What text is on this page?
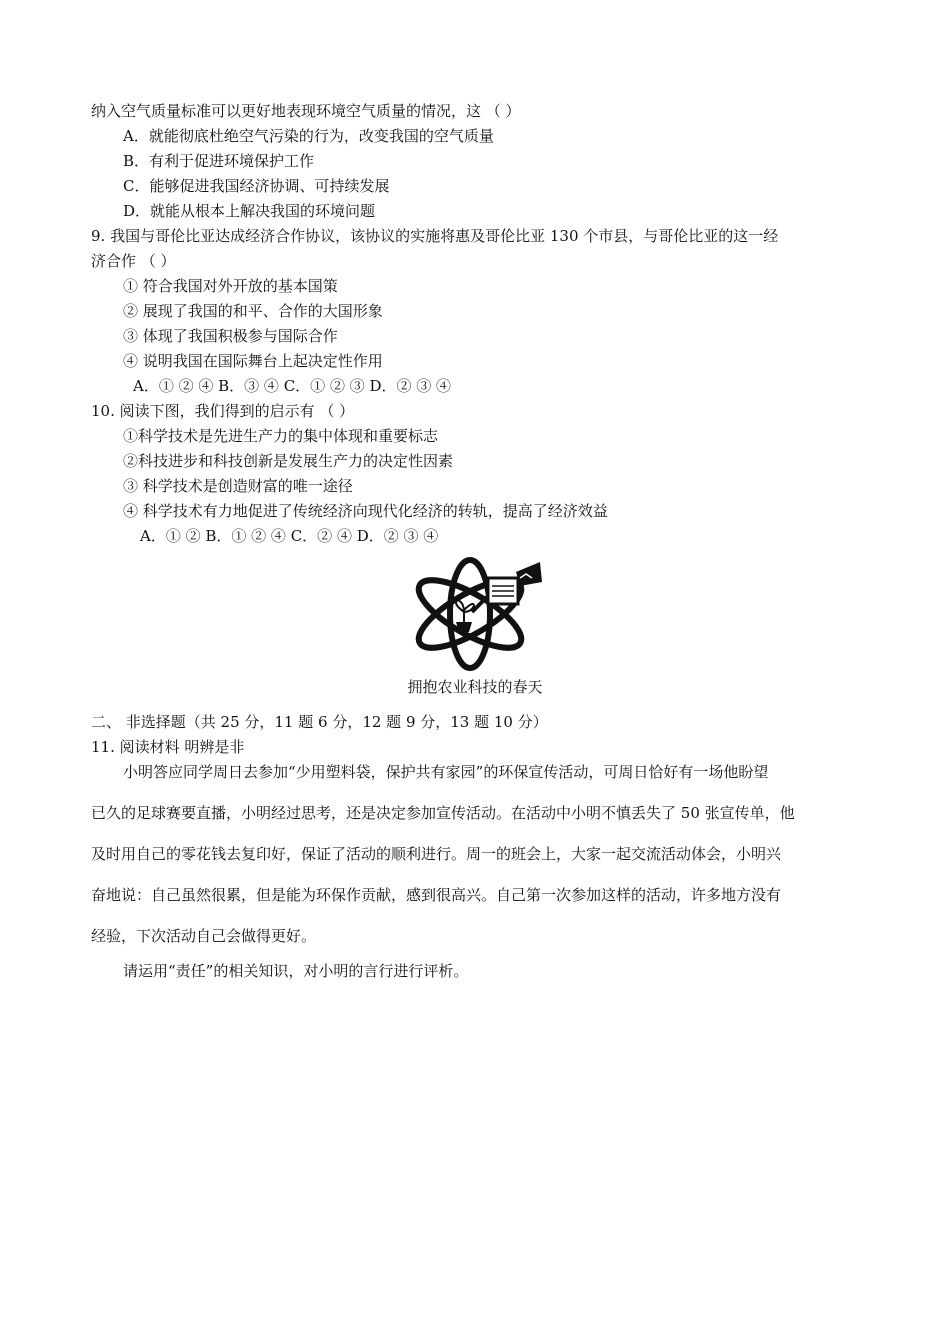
纳入空气质量标准可以更好地表现环境空气质量的情况，这 （ ）
A．就能彻底杜绝空气污染的行为，改变我国的空气质量
B．有利于促进环境保护工作
C．能够促进我国经济协调、可持续发展
D．就能从根本上解决我国的环境问题
9. 我国与哥伦比亚达成经济合作协议，该协议的实施将惠及哥伦比亚 130 个市县，与哥伦比亚的这一经
济合作 （ ）
① 符合我国对外开放的基本国策
② 展现了我国的和平、合作的大国形象
③ 体现了我国积极参与国际合作
④ 说明我国在国际舞台上起决定性作用
A．① ② ④ B．③ ④ C．① ② ③ D．② ③ ④
10. 阅读下图，我们得到的启示有 （ ）
①科学技术是先进生产力的集中体现和重要标志
②科技进步和科技创新是发展生产力的决定性因素
③ 科学技术是创造财富的唯一途径
④ 科学技术有力地促进了传统经济向现代化经济的转轨，提高了经济效益
A．① ② B．① ② ④ C．② ④ D．② ③ ④
拥抱农业科技的春天
二、 非选择题（共 25 分，11 题 6 分，12 题 9 分，13 题 10 分）
11. 阅读材料 明辨是非
小明答应同学周日去参加“少用塑料袋，保护共有家园”的环保宣传活动，可周日恰好有一场他盼望
已久的足球赛要直播，小明经过思考，还是决定参加宣传活动。在活动中小明不慎丢失了 50 张宣传单，他
及时用自己的零花钱去复印好，保证了活动的顺利进行。周一的班会上，大家一起交流活动体会，小明兴
奋地说：自己虽然很累，但是能为环保作贡献，感到很高兴。自己第一次参加这样的活动，许多地方没有
经验，下次活动自己会做得更好。
请运用“责任”的相关知识，对小明的言行进行评析。
